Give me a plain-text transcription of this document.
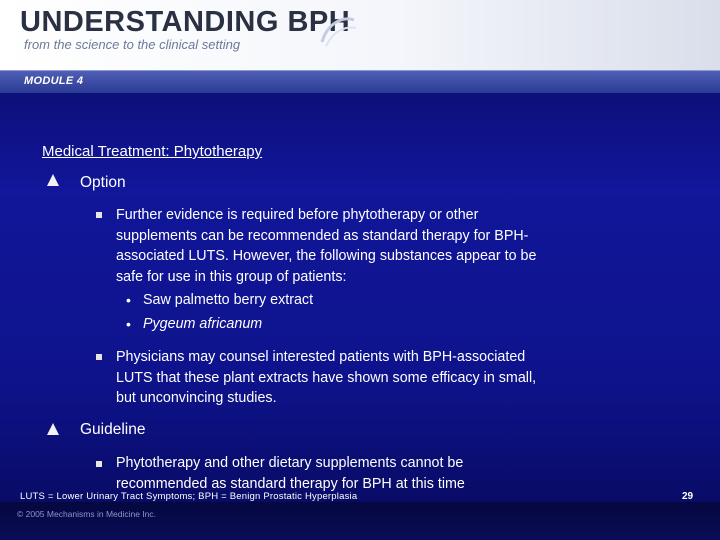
UNDERSTANDING BPH
from the science to the clinical setting
MODULE 4
Medical Treatment: Phytotherapy
Option
Further evidence is required before phytotherapy or other
supplements can be recommended as standard therapy for BPH-
associated LUTS. However, the following substances appear to be
safe for use in this group of patients:
• Saw palmetto berry extract
• Pygeum africanum
Physicians may counsel interested patients with BPH-associated
LUTS that these plant extracts have shown some efficacy in small,
but unconvincing studies.
Guideline
Phytotherapy and other dietary supplements cannot be
recommended as standard therapy for BPH at this time
LUTS = Lower Urinary Tract Symptoms; BPH = Benign Prostatic Hyperplasia	29
© 2005 Mechanisms in Medicine Inc.
